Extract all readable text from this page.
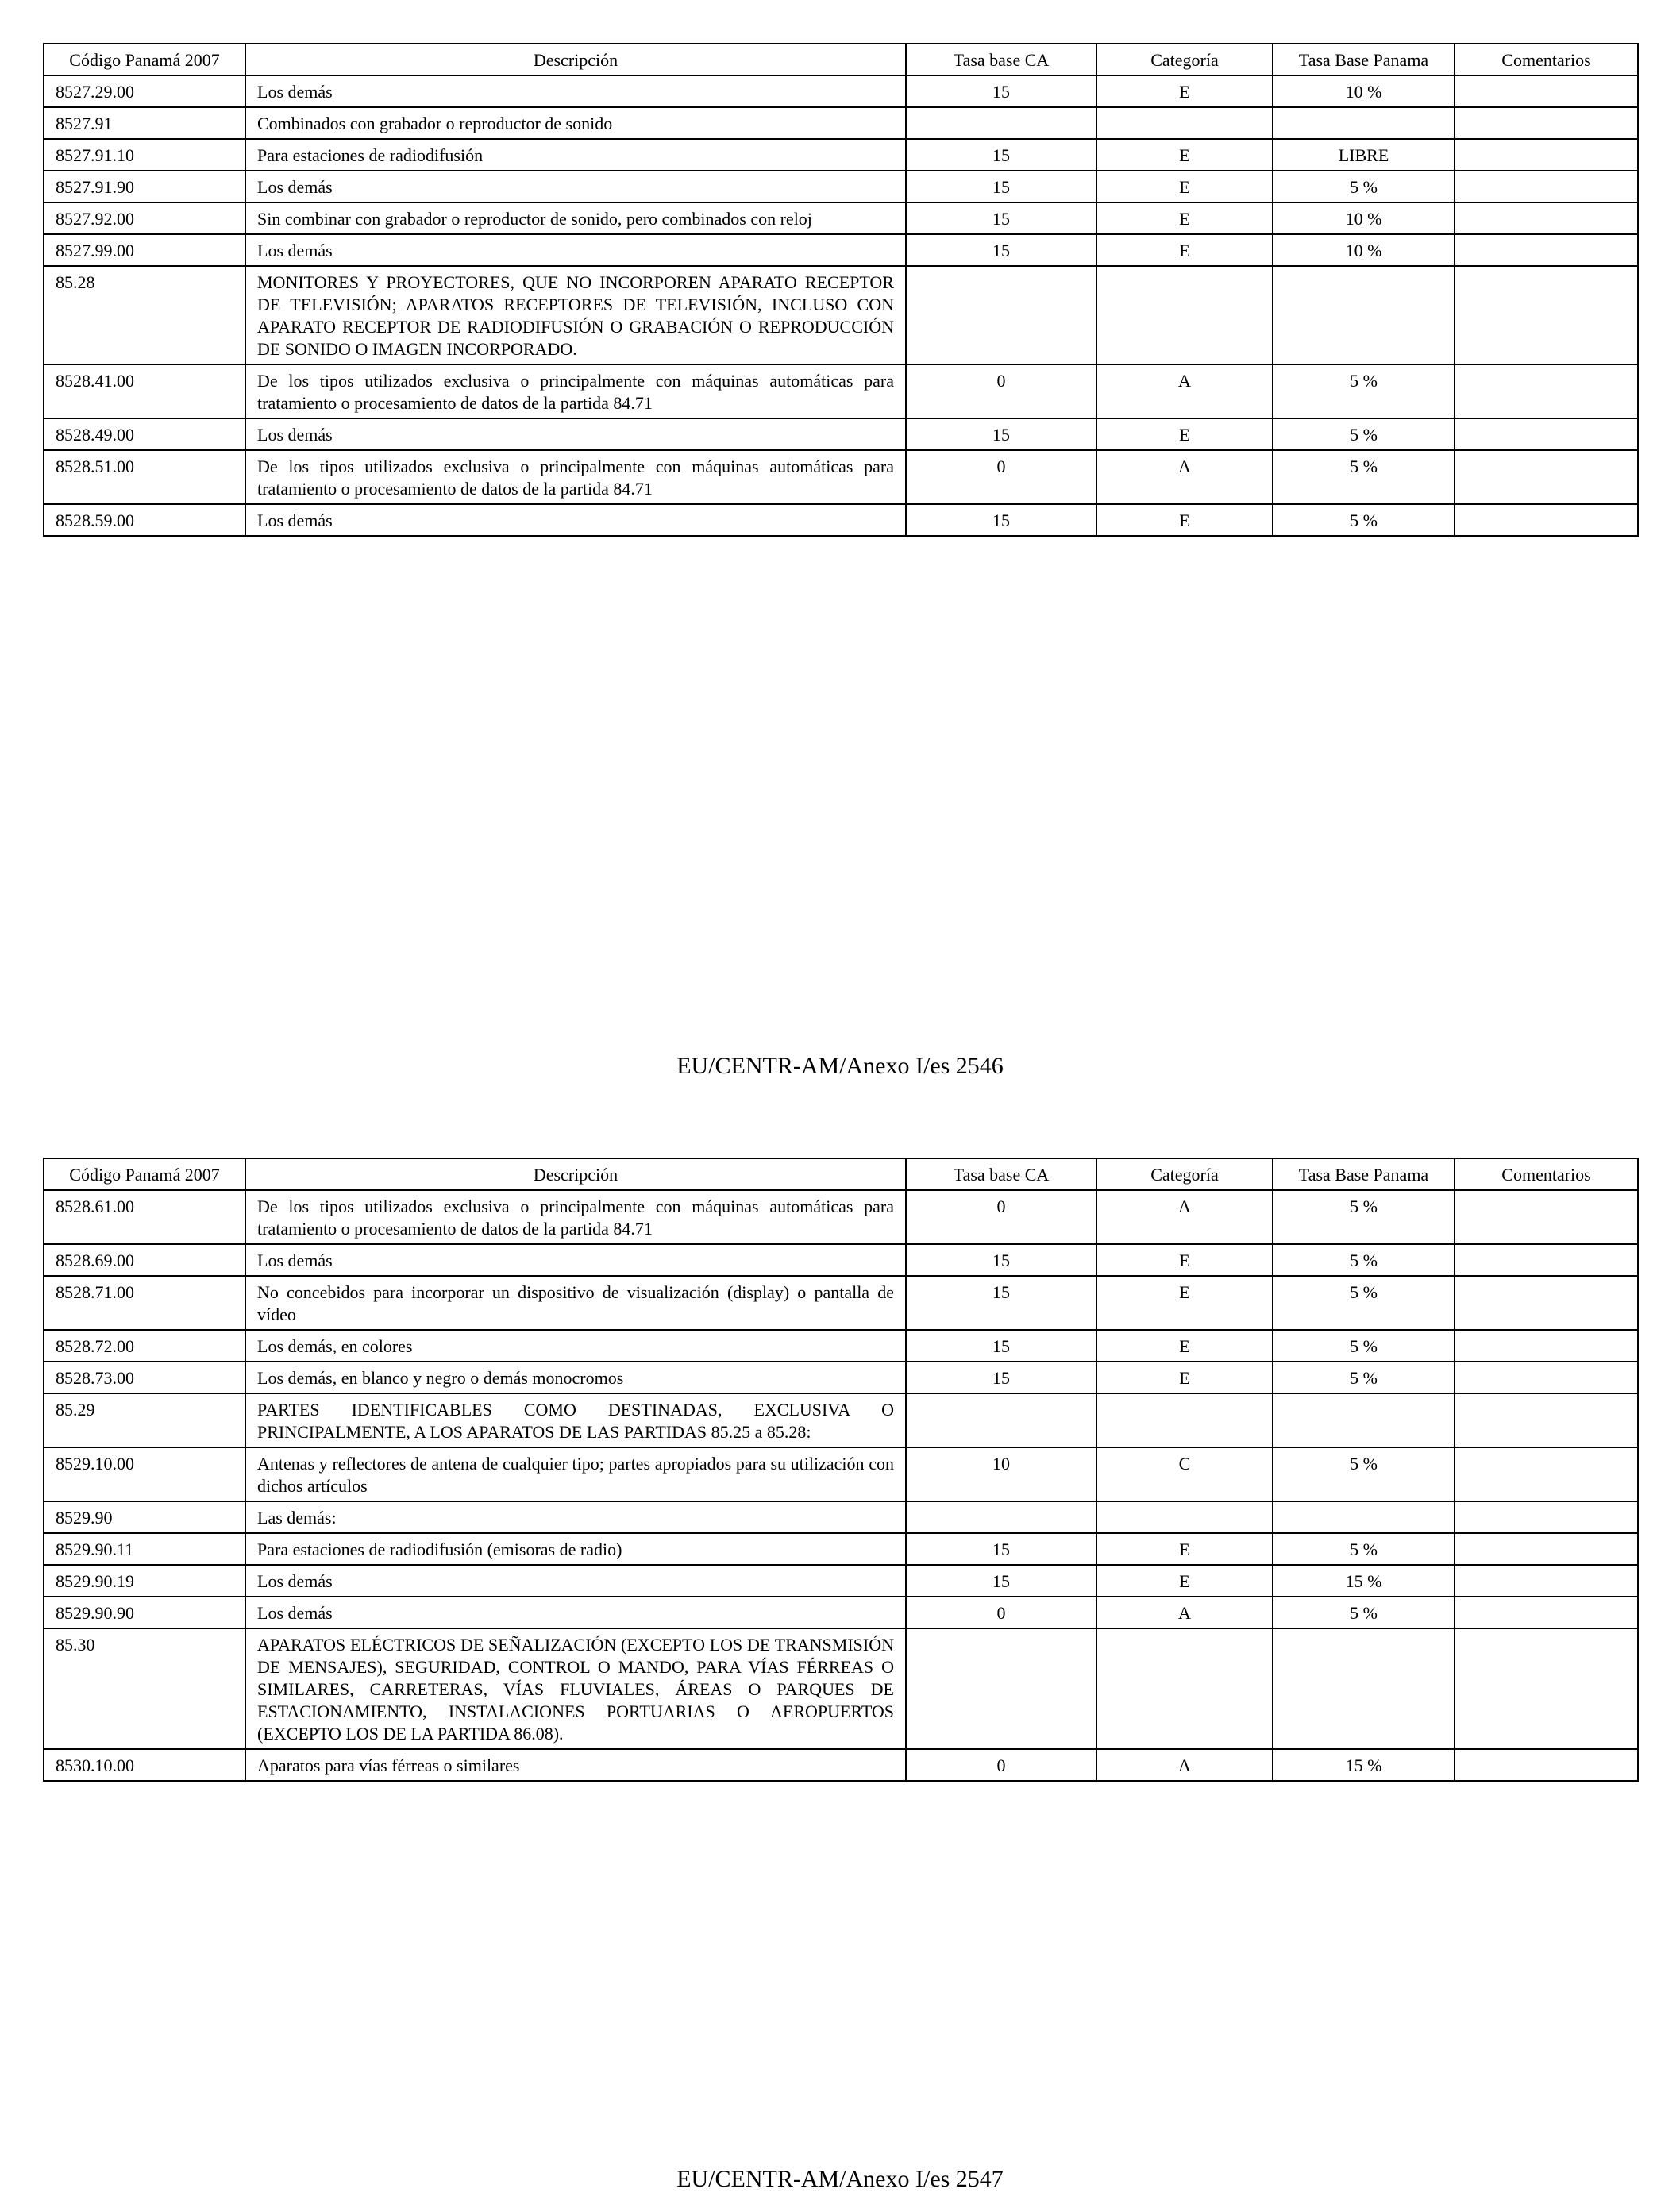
Código Panamá 2007	Descripción	Tasa base CA	Categoría	Tasa Base Panama	Comentarios
8527.29.00	Los demás	15	E	10 %	
8527.91	Combinados con grabador o reproductor de sonido				
8527.91.10	Para estaciones de radiodifusión	15	E	LIBRE	
8527.91.90	Los demás	15	E	5 %	
8527.92.00	Sin combinar con grabador o reproductor de sonido, pero combinados con reloj	15	E	10 %	
8527.99.00	Los demás	15	E	10 %	
85.28	MONITORES Y PROYECTORES, QUE NO INCORPOREN APARATO RECEPTOR DE TELEVISIÓN; APARATOS RECEPTORES DE TELEVISIÓN, INCLUSO CON APARATO RECEPTOR DE RADIODIFUSIÓN O GRABACIÓN O REPRODUCCIÓN DE SONIDO O IMAGEN INCORPORADO.				
8528.41.00	De los tipos utilizados exclusiva o principalmente con máquinas automáticas para tratamiento o procesamiento de datos de la partida 84.71	0	A	5 %	
8528.49.00	Los demás	15	E	5 %	
8528.51.00	De los tipos utilizados exclusiva o principalmente con máquinas automáticas para tratamiento o procesamiento de datos de la partida 84.71	0	A	5 %	
8528.59.00	Los demás	15	E	5 %	
EU/CENTR-AM/Anexo I/es 2546
Código Panamá 2007	Descripción	Tasa base CA	Categoría	Tasa Base Panama	Comentarios
8528.61.00	De los tipos utilizados exclusiva o principalmente con máquinas automáticas para tratamiento o procesamiento de datos de la partida 84.71	0	A	5 %	
8528.69.00	Los demás	15	E	5 %	
8528.71.00	No concebidos para incorporar un dispositivo de visualización (display) o pantalla de vídeo	15	E	5 %	
8528.72.00	Los demás, en colores	15	E	5 %	
8528.73.00	Los demás, en blanco y negro o demás monocromos	15	E	5 %	
85.29	PARTES IDENTIFICABLES COMO DESTINADAS, EXCLUSIVA O PRINCIPALMENTE, A LOS APARATOS DE LAS PARTIDAS 85.25 a 85.28:				
8529.10.00	Antenas y reflectores de antena de cualquier tipo; partes apropiados para su utilización con dichos artículos	10	C	5 %	
8529.90	Las demás:				
8529.90.11	Para estaciones de radiodifusión (emisoras de radio)	15	E	5 %	
8529.90.19	Los demás	15	E	15 %	
8529.90.90	Los demás	0	A	5 %	
85.30	APARATOS ELÉCTRICOS DE SEÑALIZACIÓN (EXCEPTO LOS DE TRANSMISIÓN DE MENSAJES), SEGURIDAD, CONTROL O MANDO, PARA VÍAS FÉRREAS O SIMILARES, CARRETERAS, VÍAS FLUVIALES, ÁREAS O PARQUES DE ESTACIONAMIENTO, INSTALACIONES PORTUARIAS O AEROPUERTOS (EXCEPTO LOS DE LA PARTIDA 86.08).				
8530.10.00	Aparatos para vías férreas o similares	0	A	15 %	
EU/CENTR-AM/Anexo I/es 2547
